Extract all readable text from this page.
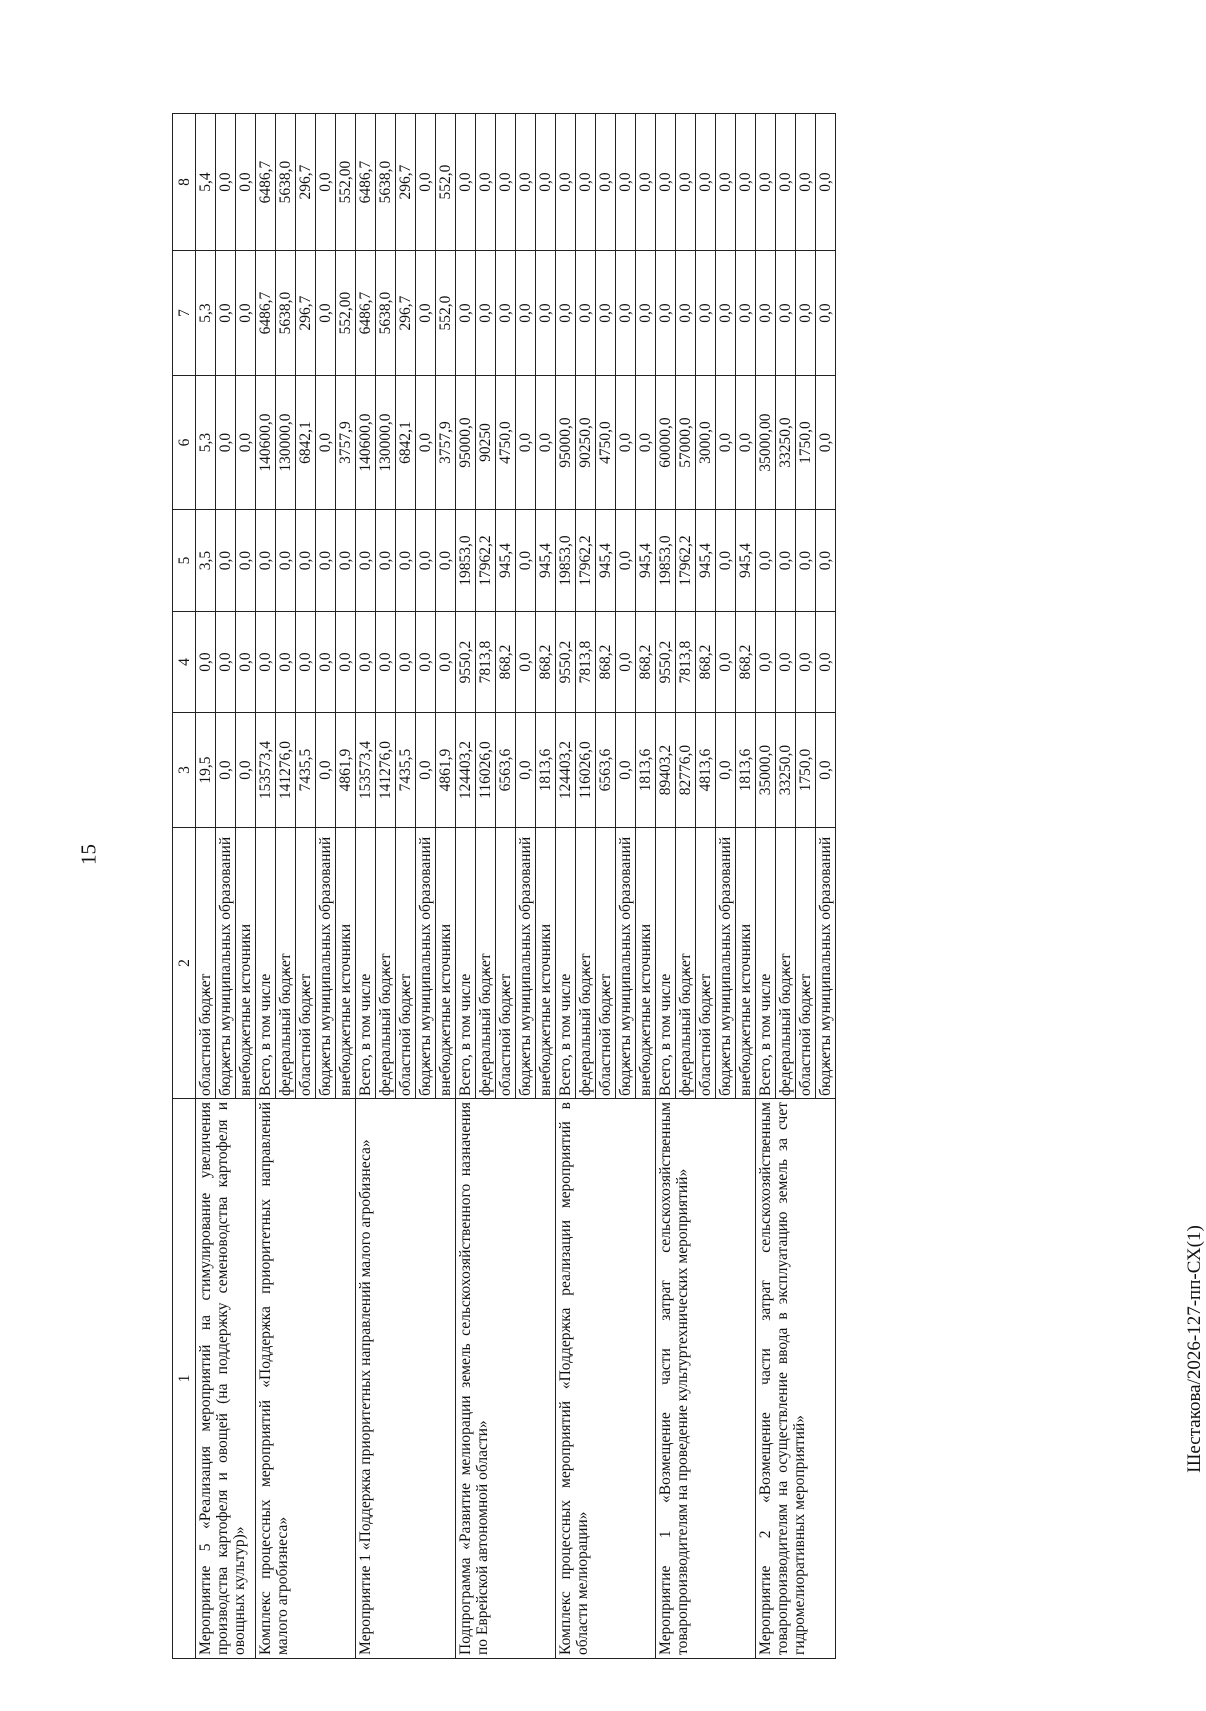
15
1	2	3	4	5	6	7	8
Мероприятие 5 «Реализация мероприятий на стимулирование увеличения производства картофеля и овощей (на поддержку семеноводства картофеля и овощных культур)»	областной бюджет	19,5	0,0	3,5	5,3	5,3	5,4
	бюджеты муниципальных образований	0,0	0,0	0,0	0,0	0,0	0,0
	внебюджетные источники	0,0	0,0	0,0	0,0	0,0	0,0
Комплекс процессных мероприятий «Поддержка приоритетных направлений малого агробизнеса»	Всего, в том числе	153573,4	0,0	0,0	140600,0	6486,7	6486,7
	федеральный бюджет	141276,0	0,0	0,0	130000,0	5638,0	5638,0
	областной бюджет	7435,5	0,0	0,0	6842,1	296,7	296,7
	бюджеты муниципальных образований	0,0	0,0	0,0	0,0	0,0	0,0
	внебюджетные источники	4861,9	0,0	0,0	3757,9	552,00	552,00
Мероприятие 1 «Поддержка приоритетных направлений малого агробизнеса»	Всего, в том числе	153573,4	0,0	0,0	140600,0	6486,7	6486,7
	федеральный бюджет	141276,0	0,0	0,0	130000,0	5638,0	5638,0
	областной бюджет	7435,5	0,0	0,0	6842,1	296,7	296,7
	бюджеты муниципальных образований	0,0	0,0	0,0	0,0	0,0	0,0
	внебюджетные источники	4861,9	0,0	0,0	3757,9	552,0	552,0
Подпрограмма «Развитие мелиорации земель сельскохозяйственного назначения по Еврейской автономной области»	Всего, в том числе	124403,2	9550,2	19853,0	95000,0	0,0	0,0
	федеральный бюджет	116026,0	7813,8	17962,2	90250	0,0	0,0
	областной бюджет	6563,6	868,2	945,4	4750,0	0,0	0,0
	бюджеты муниципальных образований	0,0	0,0	0,0	0,0	0,0	0,0
	внебюджетные источники	1813,6	868,2	945,4	0,0	0,0	0,0
Комплекс процессных мероприятий «Поддержка реализации мероприятий в области мелиорации»	Всего, в том числе	124403,2	9550,2	19853,0	95000,0	0,0	0,0
	федеральный бюджет	116026,0	7813,8	17962,2	90250,0	0,0	0,0
	областной бюджет	6563,6	868,2	945,4	4750,0	0,0	0,0
	бюджеты муниципальных образований	0,0	0,0	0,0	0,0	0,0	0,0
	внебюджетные источники	1813,6	868,2	945,4	0,0	0,0	0,0
Мероприятие 1 «Возмещение части затрат сельскохозяйственным товаропроизводителям на проведение культуртехнических мероприятий»	Всего, в том числе	89403,2	9550,2	19853,0	60000,0	0,0	0,0
	федеральный бюджет	82776,0	7813,8	17962,2	57000,0	0,0	0,0
	областной бюджет	4813,6	868,2	945,4	3000,0	0,0	0,0
	бюджеты муниципальных образований	0,0	0,0	0,0	0,0	0,0	0,0
	внебюджетные источники	1813,6	868,2	945,4	0,0	0,0	0,0
Мероприятие 2 «Возмещение части затрат сельскохозяйственным товаропроизводителям на осуществление ввода в эксплуатацию земель за счет гидромелиоративных мероприятий»	Всего, в том числе	35000,0	0,0	0,0	35000,00	0,0	0,0
	федеральный бюджет	33250,0	0,0	0,0	33250,0	0,0	0,0
	областной бюджет	1750,0	0,0	0,0	1750,0	0,0	0,0
	бюджеты муниципальных образований	0,0	0,0	0,0	0,0	0,0	0,0
Шестакова/2026-127-пп-СХ(1)
